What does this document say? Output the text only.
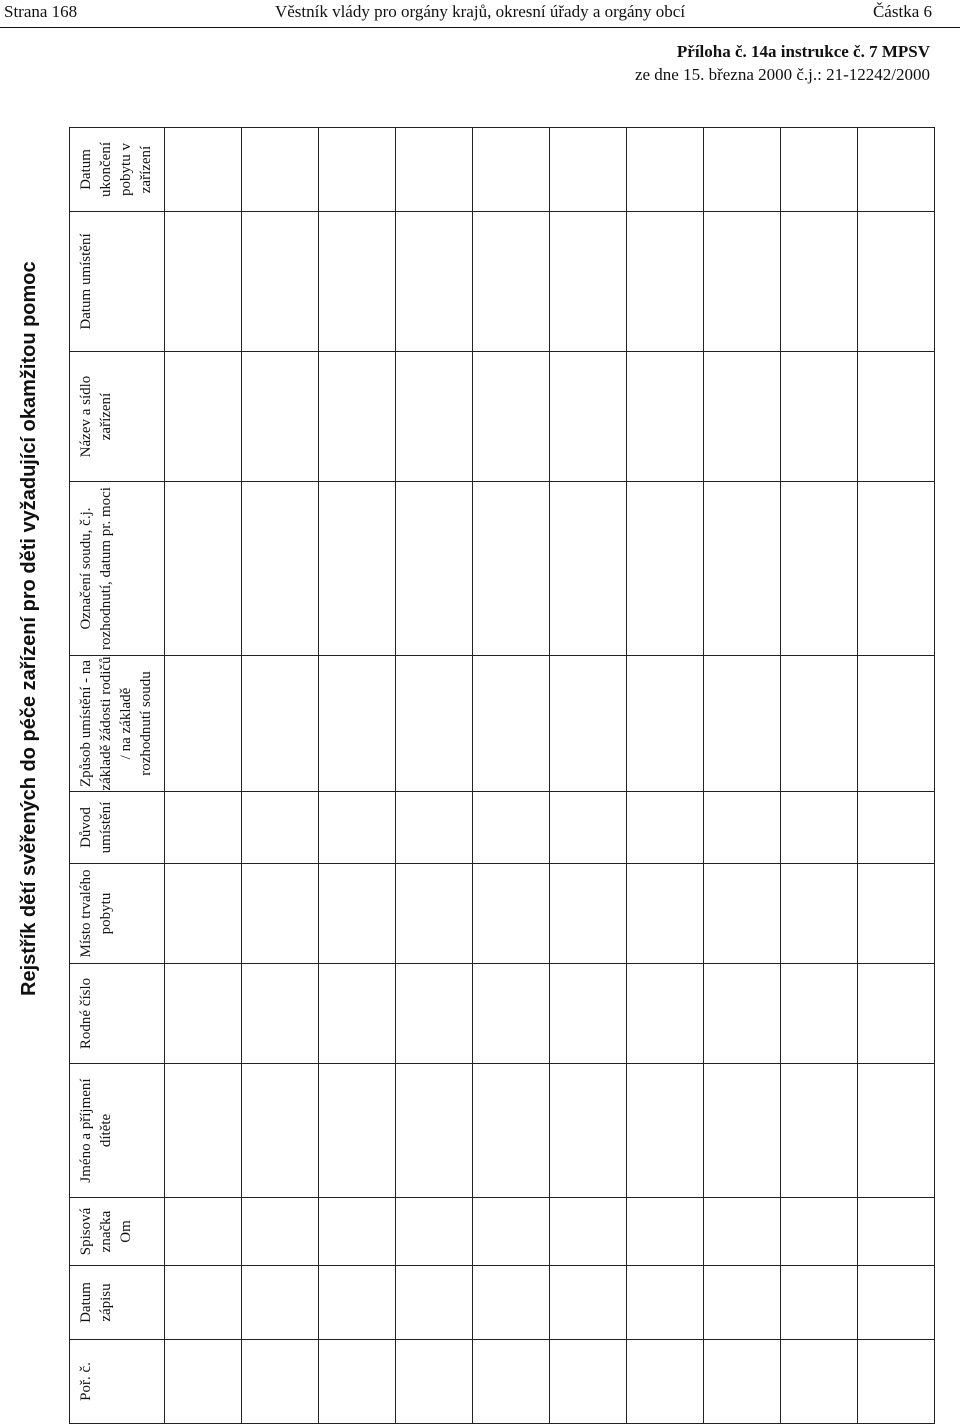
Strana 168	Věstník vlády pro orgány krajů, okresní úřady a orgány obcí	Částka 6
Příloha č. 14a instrukce č. 7 MPSV
ze dne 15. března 2000 č.j.: 21-12242/2000
Rejstřík dětí svěřených do péče zařízení pro děti vyžadující okamžitou pomoc
Poř. č.	Datum zápisu	Spisová značka Om	Jméno a příjmení dítěte	Rodné číslo	Místo trvalého pobytu	Důvod umístění	Způsob umístění - na základě žádosti rodičů / na základě rozhodnutí soudu	Označení soudu, č.j. rozhodnutí, datum pr. moci	Název a sídlo zařízení	Datum umístění	Datum ukončení pobytu v zařízení
